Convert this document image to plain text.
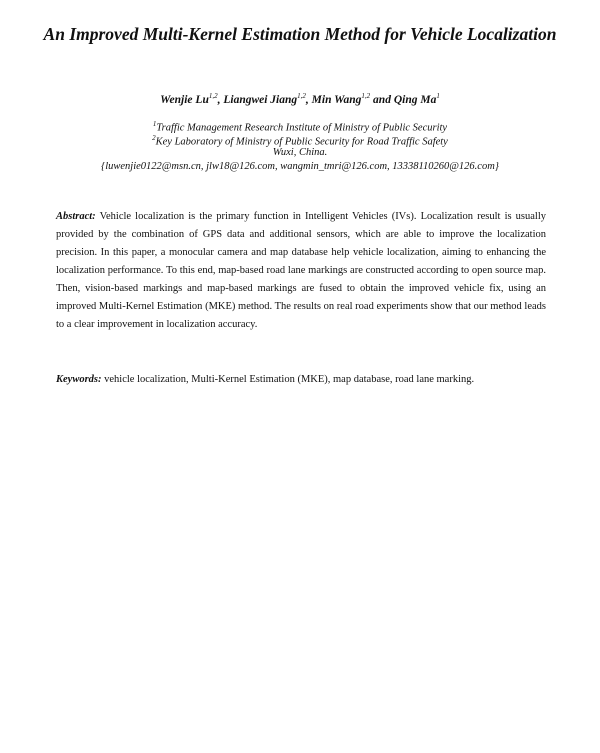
An Improved Multi-Kernel Estimation Method for Vehicle Localization
Wenjie Lu$^{1,2}$, Liangwei Jiang$^{1,2}$, Min Wang$^{1,2}$ and Qing Ma$^1$
$^1$Traffic Management Research Institute of Ministry of Public Security
$^2$Key Laboratory of Ministry of Public Security for Road Traffic Safety
Wuxi, China.
{luwenjie0122@msn.cn, jlw18@126.com, wangmin_tmri@126.com, 13338110260@126.com}
Abstract: Vehicle localization is the primary function in Intelligent Vehicles (IVs). Localization result is usually provided by the combination of GPS data and additional sensors, which are able to improve the localization precision. In this paper, a monocular camera and map database help vehicle localization, aiming to enhancing the localization performance. To this end, map-based road lane markings are constructed according to open source map. Then, vision-based markings and map-based markings are fused to obtain the improved vehicle fix, using an improved Multi-Kernel Estimation (MKE) method. The results on real road experiments show that our method leads to a clear improvement in localization accuracy.
Keywords: vehicle localization, Multi-Kernel Estimation (MKE), map database, road lane marking.
